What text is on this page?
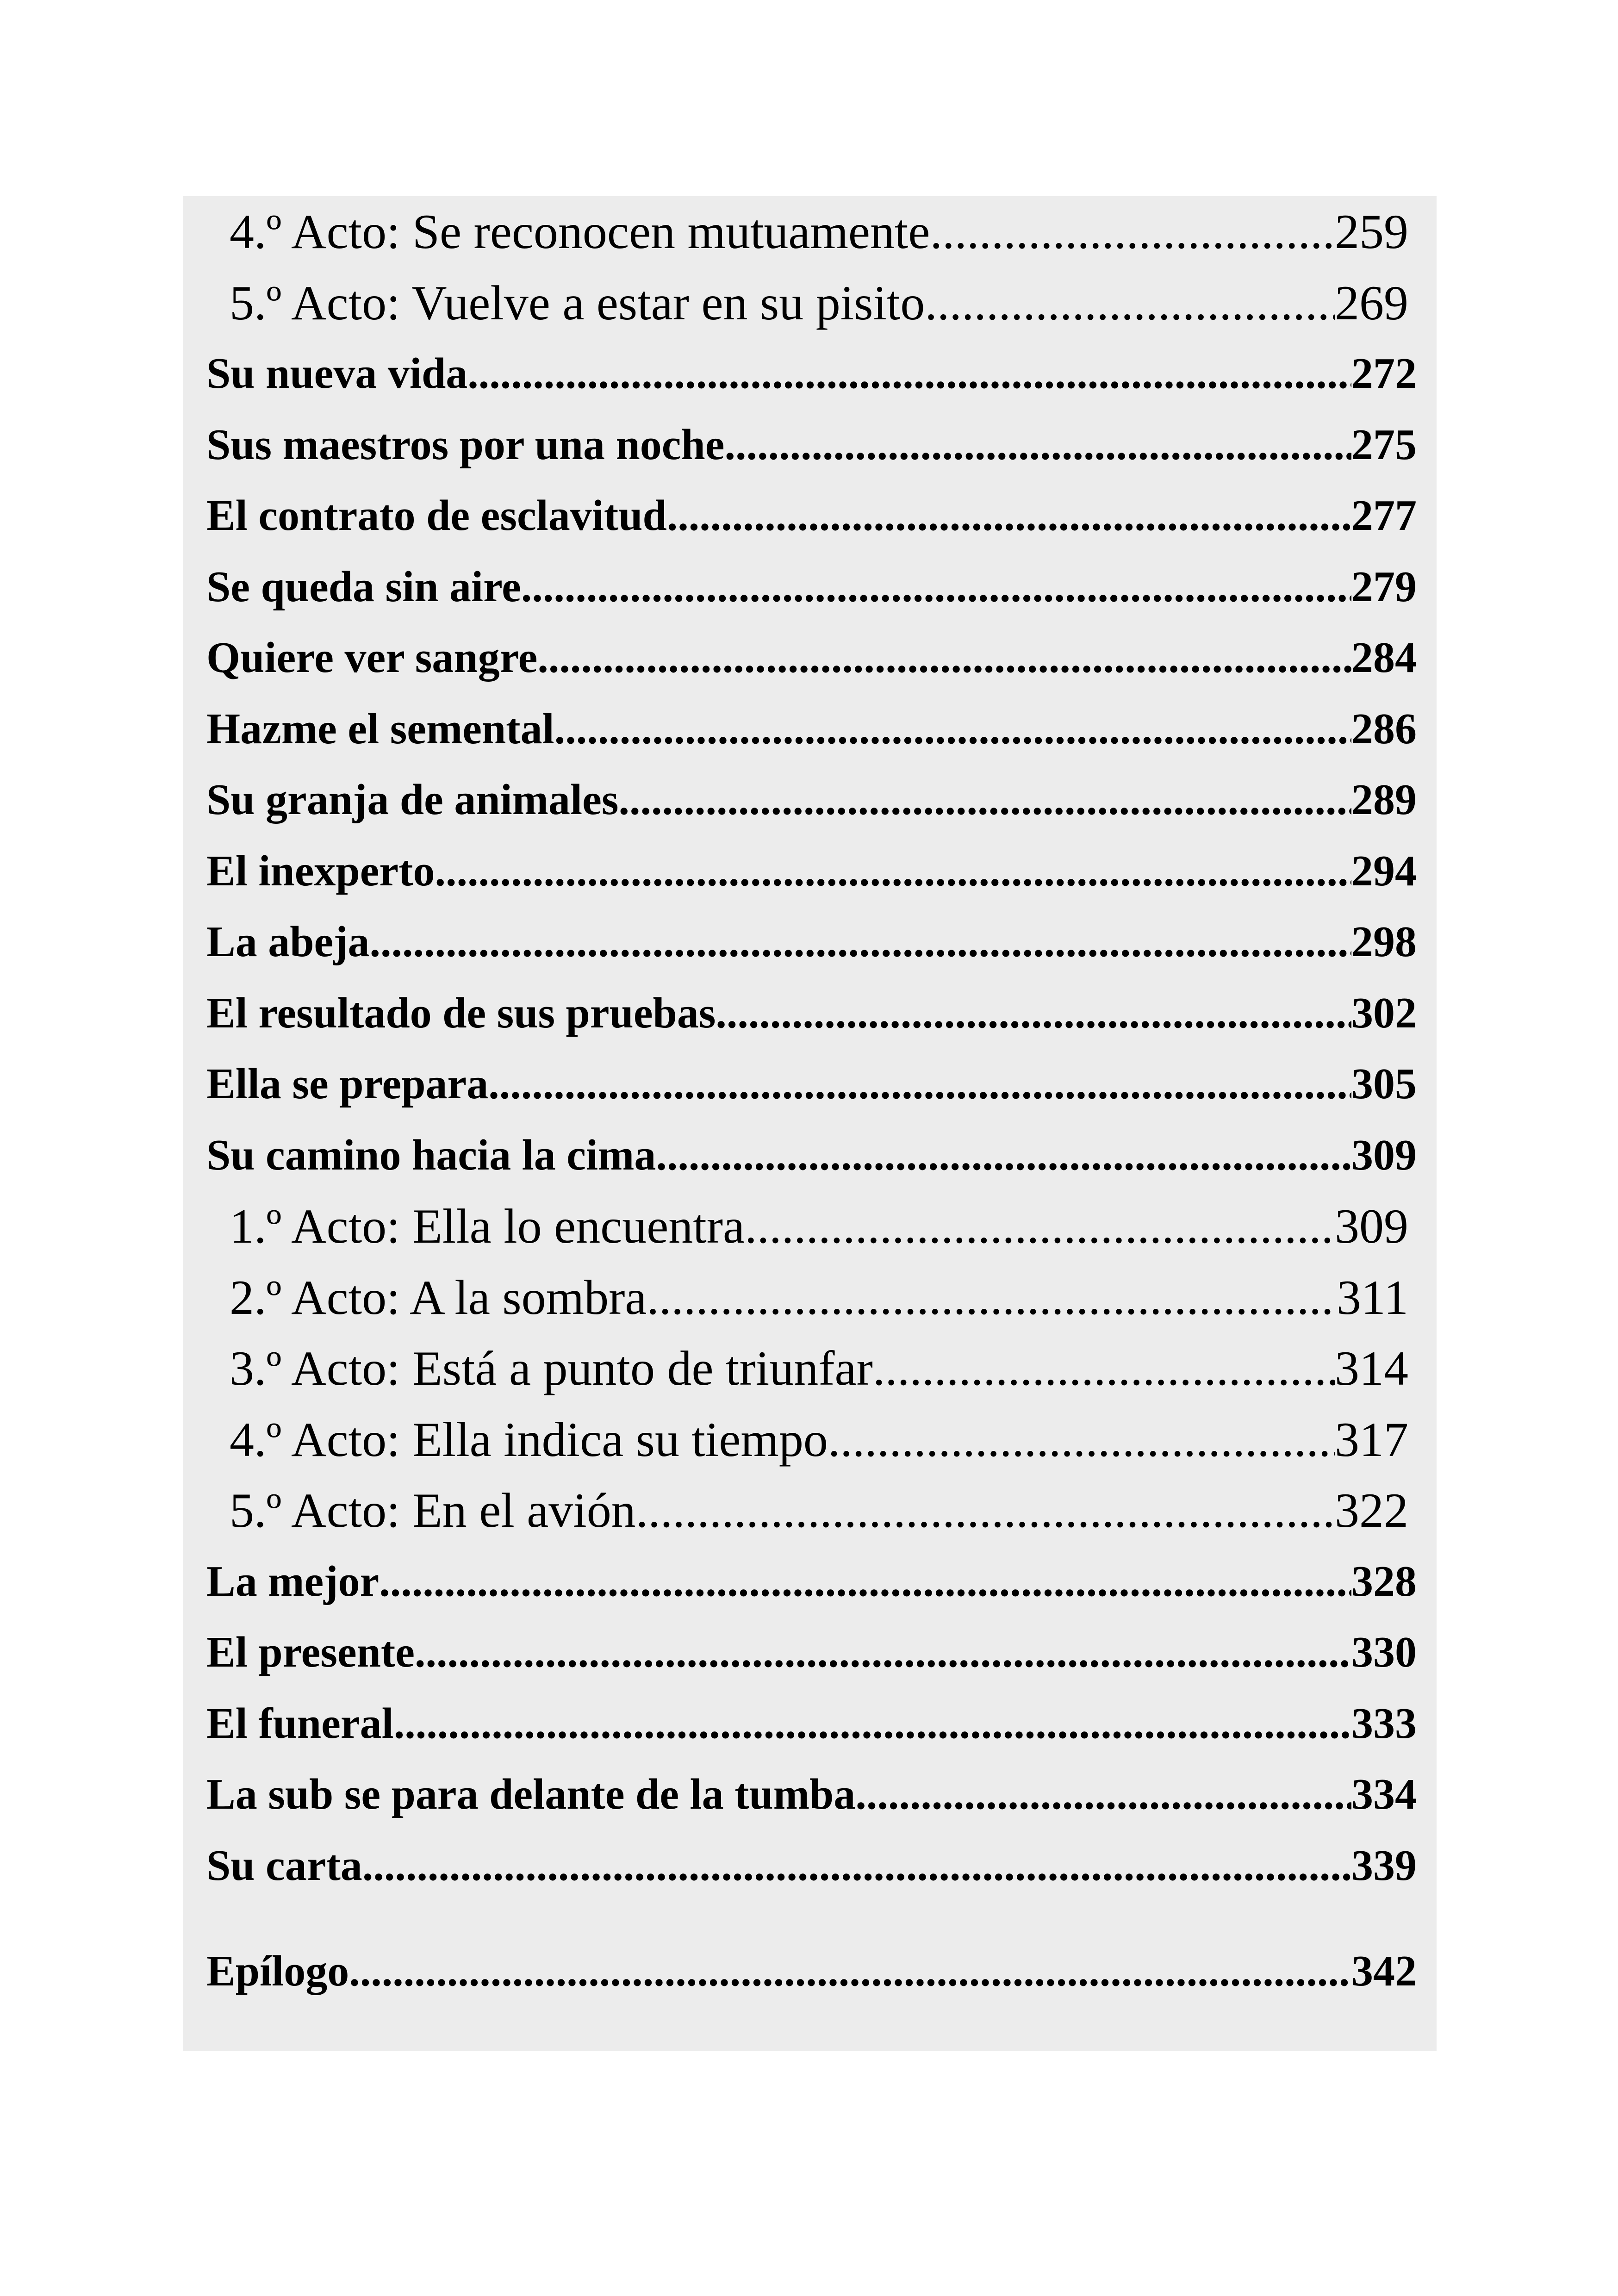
4.º Acto: Se reconocen mutuamente .....	259
5.º Acto: Vuelve a estar en su pisito .....	269
Su nueva vida .....	272
Sus maestros por una noche .....	275
El contrato de esclavitud .....	277
Se queda sin aire .....	279
Quiere ver sangre .....	284
Hazme el semental .....	286
Su granja de animales .....	289
El inexperto .....	294
La abeja .....	298
El resultado de sus pruebas .....	302
Ella se prepara .....	305
Su camino hacia la cima .....	309
1.º Acto: Ella lo encuentra .....	309
2.º Acto: A la sombra .....	311
3.º Acto: Está a punto de triunfar .....	314
4.º Acto: Ella indica su tiempo .....	317
5.º Acto: En el avión .....	322
La mejor .....	328
El presente .....	330
El funeral .....	333
La sub se para delante de la tumba .....	334
Su carta .....	339
Epílogo .....	342
